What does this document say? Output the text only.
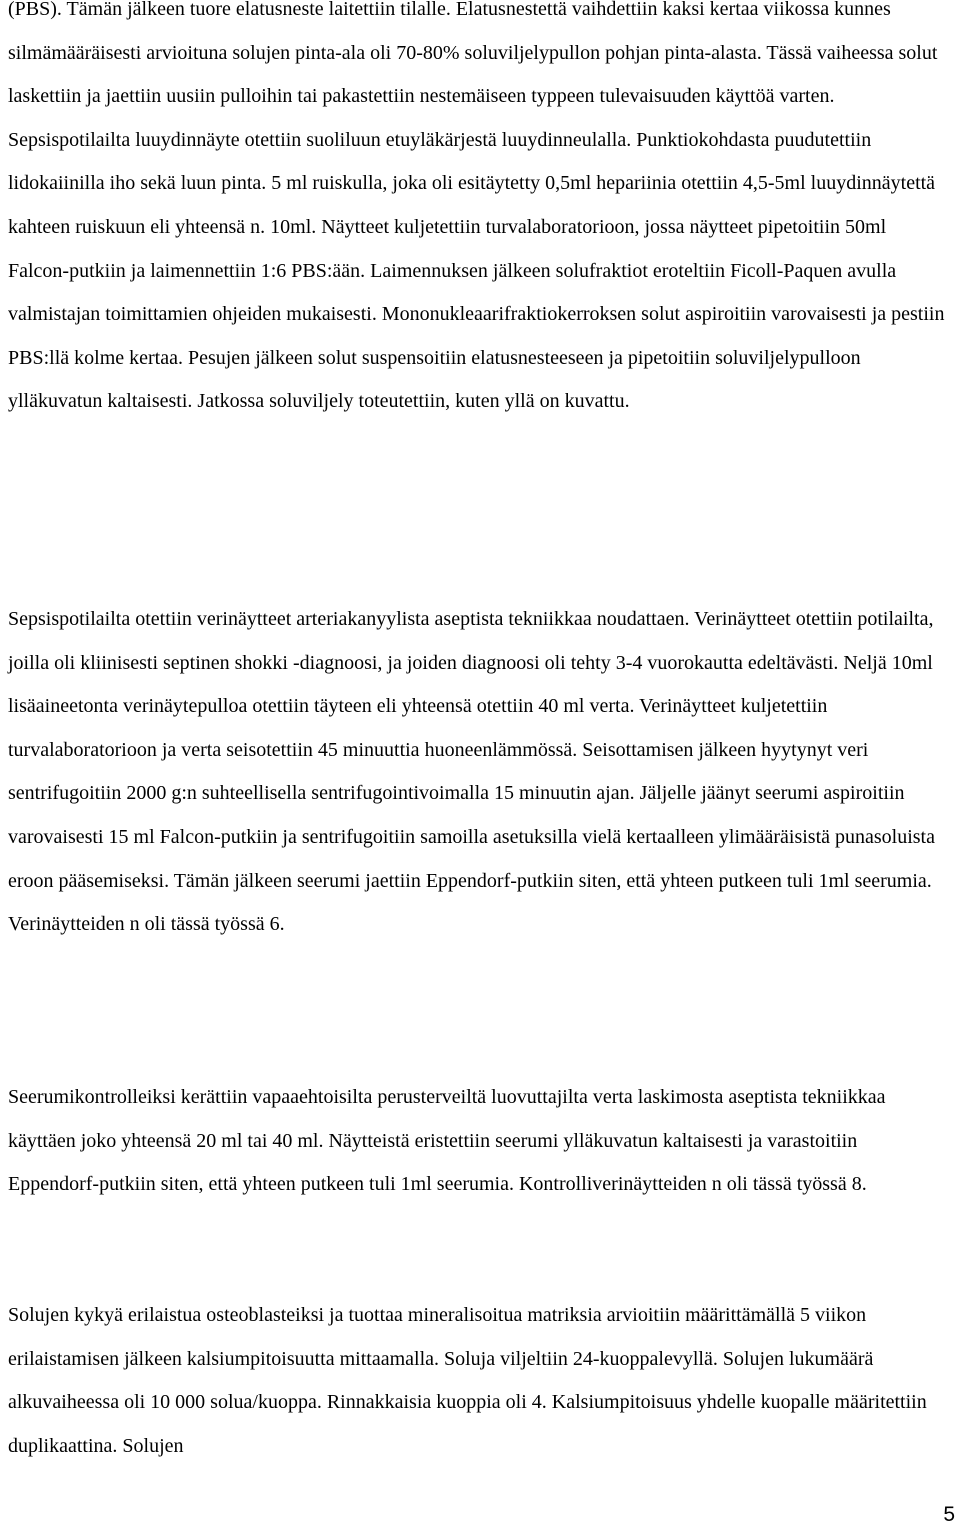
(PBS). Tämän jälkeen tuore elatusneste laitettiin tilalle. Elatusnestettä vaihdettiin kaksi kertaa viikossa kunnes silmämääräisesti arvioituna solujen pinta-ala oli 70-80% soluviljelypullon pohjan pinta-alasta. Tässä vaiheessa solut laskettiin ja jaettiin uusiin pulloihin tai pakastettiin nestemäiseen typpeen tulevaisuuden käyttöä varten. Sepsispotilailta luuydinnäyte otettiin suoliluun etuyläkärjestä luuydinneulalla. Punktiokohdasta puudutettiin lidokaiinilla iho sekä luun pinta. 5 ml ruiskulla, joka oli esitäytetty 0,5ml hepariinia otettiin 4,5-5ml luuydinnäytettä kahteen ruiskuun eli yhteensä n. 10ml. Näytteet kuljetettiin turvalaboratorioon, jossa näytteet pipetoitiin 50ml Falcon-putkiin ja laimennettiin 1:6 PBS:ään. Laimennuksen jälkeen solufraktiot eroteltiin Ficoll-Paquen avulla valmistajan toimittamien ohjeiden mukaisesti. Mononukleaarifraktiokerroksen solut aspiroitiin varovaisesti ja pestiin PBS:llä kolme kertaa. Pesujen jälkeen solut suspensoitiin elatusnesteeseen ja pipetoitiin soluviljelypulloon ylläkuvatun kaltaisesti. Jatkossa soluviljely toteutettiin, kuten yllä on kuvattu.

Sepsispotilailta otettiin verinäytteet arteriakanyylista aseptista tekniikkaa noudattaen. Verinäytteet otettiin potilailta, joilla oli kliinisesti septinen shokki -diagnoosi, ja joiden diagnoosi oli tehty 3-4 vuorokautta edeltävästi. Neljä 10ml lisäaineetonta verinäytepulloa otettiin täyteen eli yhteensä otettiin 40 ml verta. Verinäytteet kuljetettiin turvalaboratorioon ja verta seisotettiin 45 minuuttia huoneenlämmössä. Seisottamisen jälkeen hyytynyt veri sentrifugoitiin 2000 g:n suhteellisella sentrifugointivoimalla 15 minuutin ajan. Jäljelle jäänyt seerumi aspiroitiin varovaisesti 15 ml Falcon-putkiin ja sentrifugoitiin samoilla asetuksilla vielä kertaalleen ylimääräisistä punasoluista eroon pääsemiseksi. Tämän jälkeen seerumi jaettiin Eppendorf-putkiin siten, että yhteen putkeen tuli 1ml seerumia. Verinäytteiden n oli tässä työssä 6.

Seerumikontrolleiksi kerättiin vapaaehtoisilta perusterveiltä luovuttajilta verta laskimosta aseptista tekniikkaa käyttäen joko yhteensä 20 ml tai 40 ml. Näytteistä eristettiin seerumi ylläkuvatun kaltaisesti ja varastoitiin Eppendorf-putkiin siten, että yhteen putkeen tuli 1ml seerumia. Kontrolliverinäytteiden n oli tässä työssä 8.

Solujen kykyä erilaistua osteoblasteiksi ja tuottaa mineralisoitua matriksia arvioitiin määrittämällä 5 viikon erilaistamisen jälkeen kalsiumpitoisuutta mittaamalla. Soluja viljeltiin 24-kuoppalevyllä. Solujen lukumäärä alkuvaiheessa oli 10 000 solua/kuoppa. Rinnakkaisia kuoppia oli 4. Kalsiumpitoisuus yhdelle kuopalle määritettiin duplikaattina. Solujen

5
